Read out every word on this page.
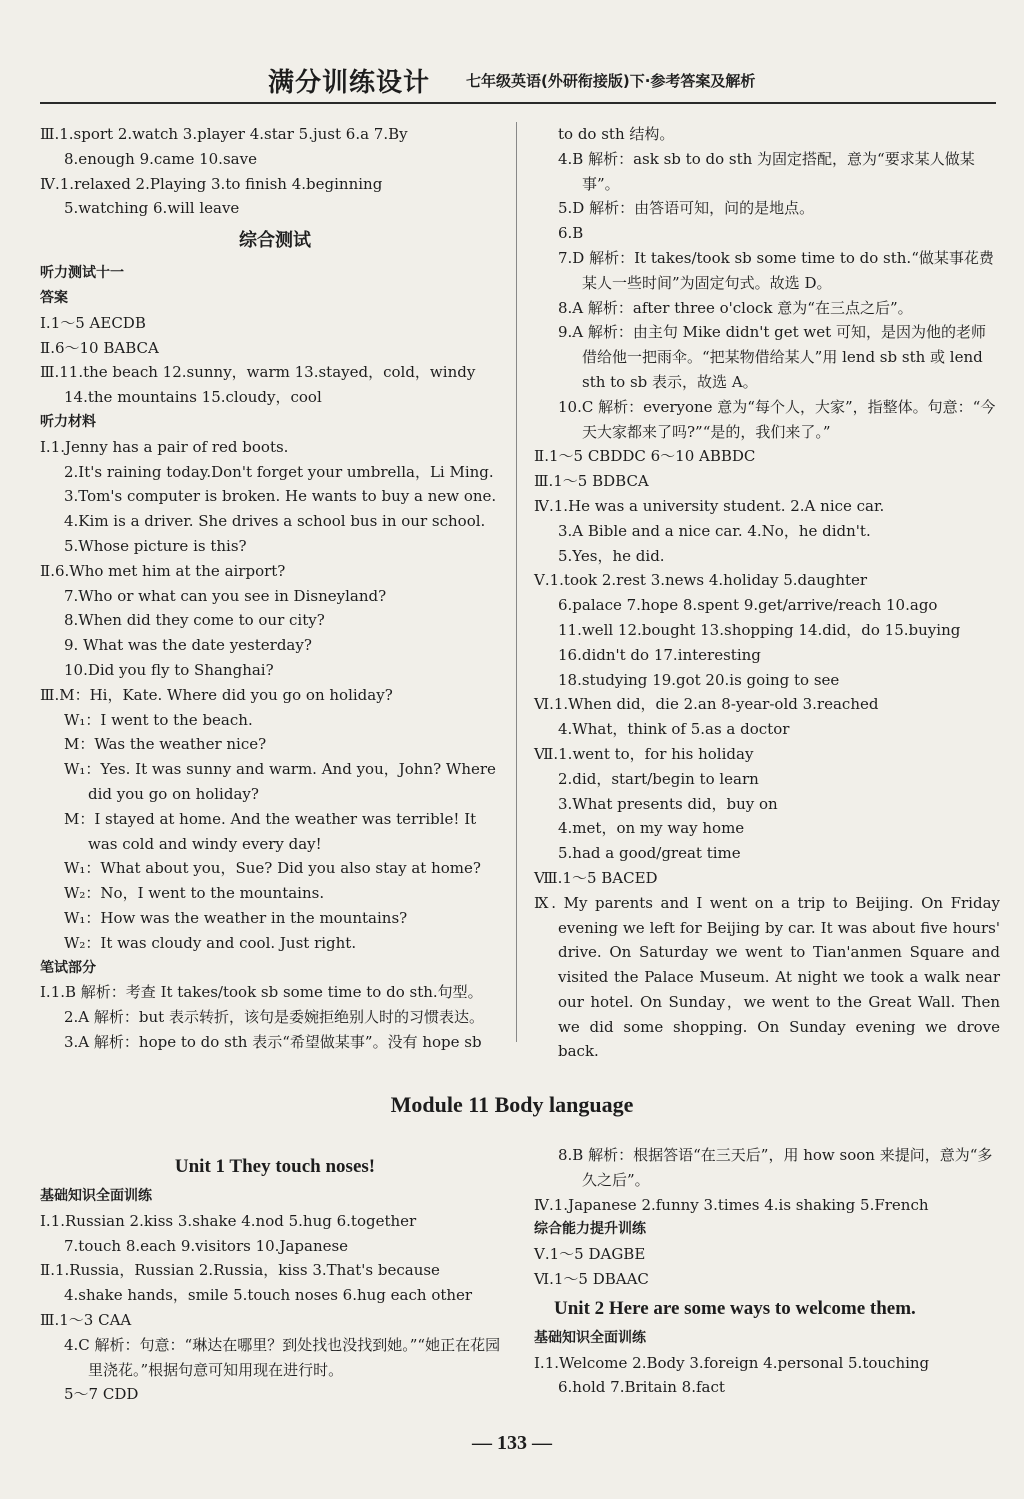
满分训练设计 七年级英语(外研衔接版)下·参考答案及解析

Ⅲ.1.sport 2.watch 3.player 4.star 5.just 6.a 7.By

8.enough 9.came 10.save

Ⅳ.1.relaxed 2.Playing 3.to finish 4.beginning

5.watching 6.will leave

综合测试

听力测试十一

答案

Ⅰ.1～5 AECDB

Ⅱ.6～10 BABCA

Ⅲ.11.the beach 12.sunny，warm 13.stayed，cold，windy

14.the mountains 15.cloudy，cool

听力材料

Ⅰ.1.Jenny has a pair of red boots.

2.It's raining today.Don't forget your umbrella，Li Ming.

3.Tom's computer is broken. He wants to buy a new one.

4.Kim is a driver. She drives a school bus in our school.

5.Whose picture is this?

Ⅱ.6.Who met him at the airport?

7.Who or what can you see in Disneyland?

8.When did they come to our city?

9. What was the date yesterday?

10.Did you fly to Shanghai?

Ⅲ.M：Hi，Kate. Where did you go on holiday?

W₁：I went to the beach.

M：Was the weather nice?

W₁：Yes. It was sunny and warm. And you，John? Where did you go on holiday?

M：I stayed at home. And the weather was terrible! It was cold and windy every day!

W₁：What about you，Sue? Did you also stay at home?

W₂：No，I went to the mountains.

W₁：How was the weather in the mountains?

W₂：It was cloudy and cool. Just right.

笔试部分

Ⅰ.1.B 解析：考查 It takes/took sb some time to do sth.句型。

2.A 解析：but 表示转折，该句是委婉拒绝别人时的习惯表达。

3.A 解析：hope to do sth 表示“希望做某事”。没有 hope sb

to do sth 结构。

4.B 解析：ask sb to do sth 为固定搭配，意为“要求某人做某事”。

5.D 解析：由答语可知，问的是地点。

6.B

7.D 解析：It takes/took sb some time to do sth.“做某事花费某人一些时间”为固定句式。故选 D。

8.A 解析：after three o'clock 意为“在三点之后”。

9.A 解析：由主句 Mike didn't get wet 可知，是因为他的老师借给他一把雨伞。“把某物借给某人”用 lend sb sth 或 lend sth to sb 表示，故选 A。

10.C 解析：everyone 意为“每个人，大家”，指整体。句意：“今天大家都来了吗?”“是的，我们来了。”

Ⅱ.1～5 CBDDC 6～10 ABBDC

Ⅲ.1～5 BDBCA

Ⅳ.1.He was a university student. 2.A nice car.

3.A Bible and a nice car. 4.No，he didn't.

5.Yes，he did.

Ⅴ.1.took 2.rest 3.news 4.holiday 5.daughter

6.palace 7.hope 8.spent 9.get/arrive/reach 10.ago

11.well 12.bought 13.shopping 14.did，do 15.buying

16.didn't do 17.interesting

18.studying 19.got 20.is going to see

Ⅵ.1.When did，die 2.an 8-year-old 3.reached

4.What，think of 5.as a doctor

Ⅶ.1.went to，for his holiday

2.did，start/begin to learn

3.What presents did，buy on

4.met，on my way home

5.had a good/great time

Ⅷ.1～5 BACED

Ⅸ. My parents and I went on a trip to Beijing. On Friday evening we left for Beijing by car. It was about five hours' drive. On Saturday we went to Tian'anmen Square and visited the Palace Museum. At night we took a walk near our hotel. On Sunday，we went to the Great Wall. Then we did some shopping. On Sunday evening we drove back.

Module 11 Body language

Unit 1 They touch noses!

基础知识全面训练

Ⅰ.1.Russian 2.kiss 3.shake 4.nod 5.hug 6.together

7.touch 8.each 9.visitors 10.Japanese

Ⅱ.1.Russia，Russian 2.Russia，kiss 3.That's because

4.shake hands，smile 5.touch noses 6.hug each other

Ⅲ.1～3 CAA

4.C 解析：句意：“琳达在哪里？到处找也没找到她。”“她正在花园里浇花。”根据句意可知用现在进行时。

5～7 CDD

8.B 解析：根据答语“在三天后”，用 how soon 来提问，意为“多久之后”。

Ⅳ.1.Japanese 2.funny 3.times 4.is shaking 5.French

综合能力提升训练

Ⅴ.1～5 DAGBE

Ⅵ.1～5 DBAAC

Unit 2 Here are some ways to welcome them.

基础知识全面训练

Ⅰ.1.Welcome 2.Body 3.foreign 4.personal 5.touching

6.hold 7.Britain 8.fact

— 133 —
